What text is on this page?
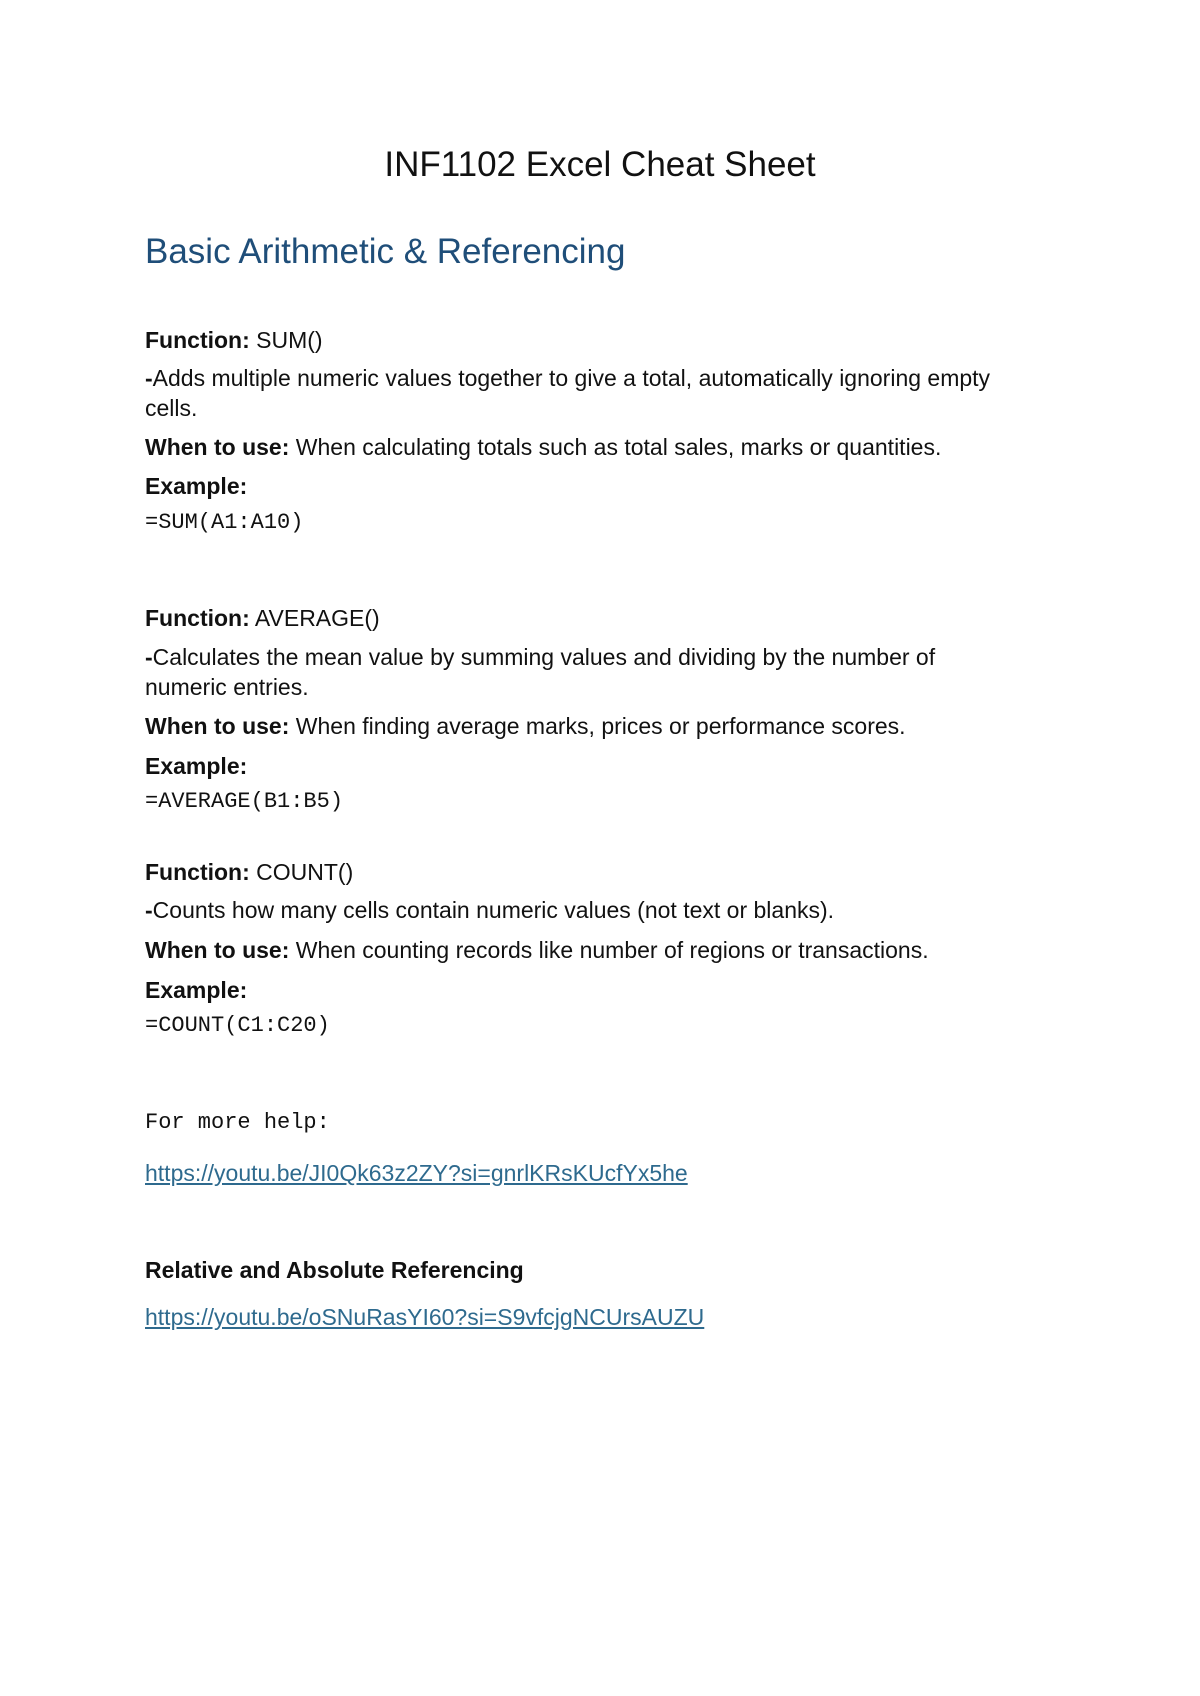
INF1102 Excel Cheat Sheet
Basic Arithmetic & Referencing
Function: SUM()
-Adds multiple numeric values together to give a total, automatically ignoring empty
cells.
When to use: When calculating totals such as total sales, marks or quantities.
Example:
=SUM(A1:A10)
Function: AVERAGE()
-Calculates the mean value by summing values and dividing by the number of
numeric entries.
When to use: When finding average marks, prices or performance scores.
Example:
=AVERAGE(B1:B5)
Function: COUNT()
-Counts how many cells contain numeric values (not text or blanks).
When to use: When counting records like number of regions or transactions.
Example:
=COUNT(C1:C20)
For more help:
https://youtu.be/JI0Qk63z2ZY?si=gnrlKRsKUcfYx5he
Relative and Absolute Referencing
https://youtu.be/oSNuRasYI60?si=S9vfcjgNCUrsAUZU
